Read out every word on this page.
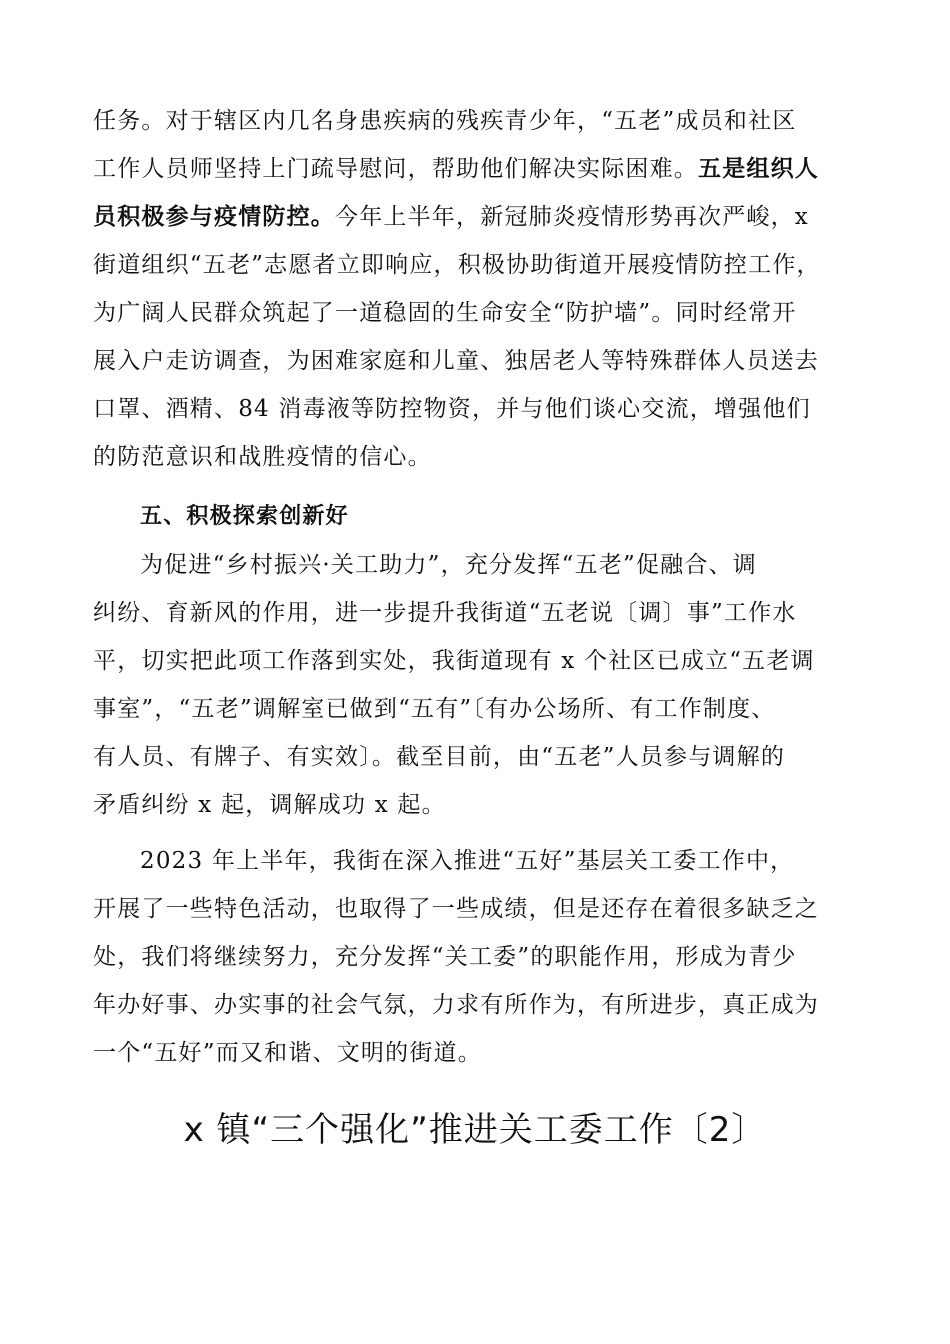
任务。对于辖区内几名身患疾病的残疾青少年，“五老”成员和社区
工作人员师坚持上门疏导慰问，帮助他们解决实际困难。五是组织人
员积极参与疫情防控。今年上半年，新冠肺炎疫情形势再次严峻，x
街道组织“五老”志愿者立即响应，积极协助街道开展疫情防控工作，
为广阔人民群众筑起了一道稳固的生命安全“防护墙”。同时经常开
展入户走访调查，为困难家庭和儿童、独居老人等特殊群体人员送去
口罩、酒精、84 消毒液等防控物资，并与他们谈心交流，增强他们
的防范意识和战胜疫情的信心。
五、积极探索创新好
为促进“乡村振兴·关工助力”，充分发挥“五老”促融合、调
纠纷、育新风的作用，进一步提升我街道“五老说〔调〕事”工作水
平，切实把此项工作落到实处，我街道现有 x 个社区已成立“五老调
事室”，“五老”调解室已做到“五有”〔有办公场所、有工作制度、
有人员、有牌子、有实效〕。截至目前，由“五老”人员参与调解的
矛盾纠纷 x 起，调解成功 x 起。
2023 年上半年，我街在深入推进“五好”基层关工委工作中，
开展了一些特色活动，也取得了一些成绩，但是还存在着很多缺乏之
处，我们将继续努力，充分发挥“关工委”的职能作用，形成为青少
年办好事、办实事的社会气氛，力求有所作为，有所进步，真正成为
一个“五好”而又和谐、文明的街道。
x 镇“三个强化”推进关工委工作〔2〕
